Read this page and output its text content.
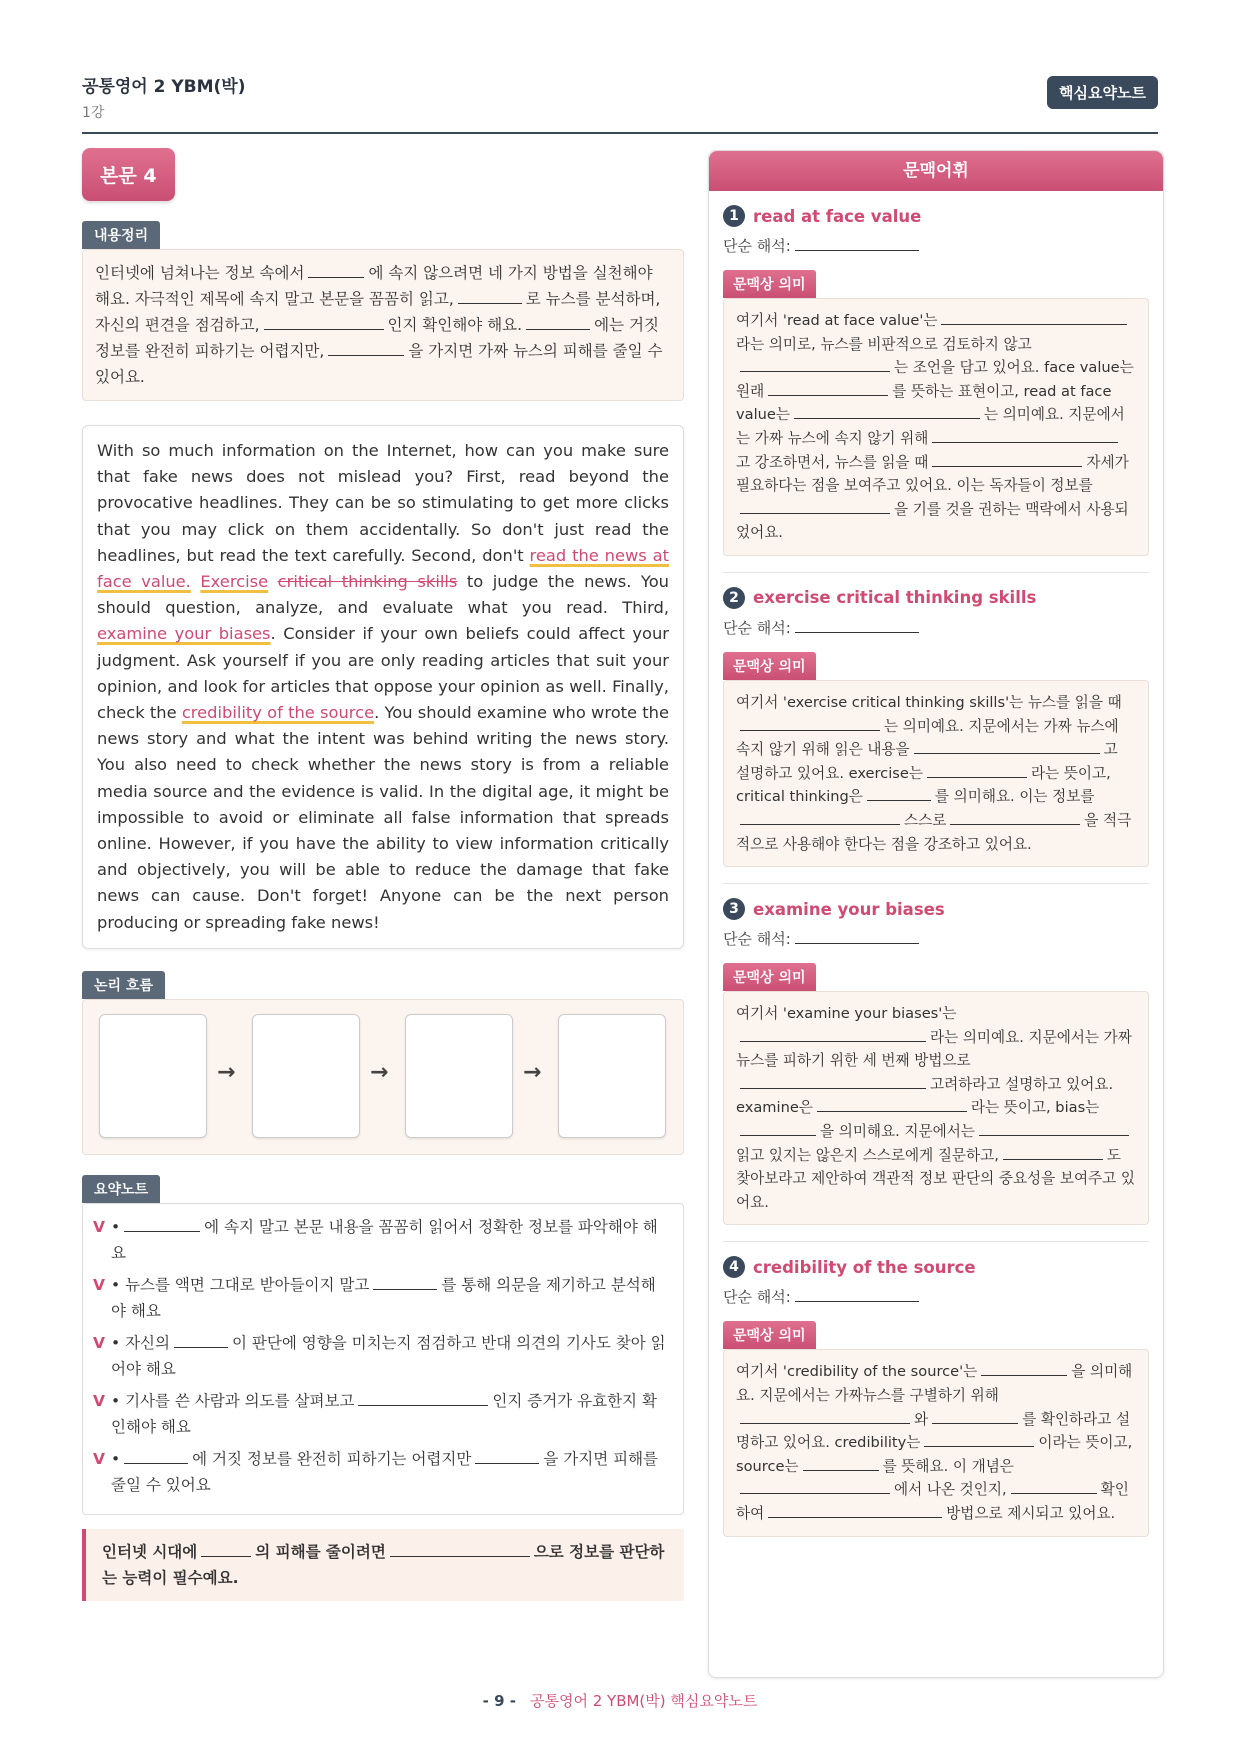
공통영어 2 YBM(박)
1강
핵심요약노트
본문 4
내용정리
인터넷에 넘쳐나는 정보 속에서	에 속지 않으려면 네 가지 방법을 실천해야 해요. 자극적인 제목에 속지 말고 본문을 꼼꼼히 읽고,	로 뉴스를 분석하며, 자신의 편견을 점검하고,	인지 확인해야 해요.	에는 거짓 정보를 완전히 피하기는 어렵지만,	을 가지면 가짜 뉴스의 피해를 줄일 수 있어요.
With so much information on the Internet, how can you make sure that fake news does not mislead you? First, read beyond the provocative headlines. They can be so stimulating to get more clicks that you may click on them accidentally. So don't just read the headlines, but read the text carefully. Second, don't read the news at face value. Exercise critical thinking skills to judge the news. You should question, analyze, and evaluate what you read. Third, examine your biases. Consider if your own beliefs could affect your judgment. Ask yourself if you are only reading articles that suit your opinion, and look for articles that oppose your opinion as well. Finally, check the credibility of the source. You should examine who wrote the news story and what the intent was behind writing the news story. You also need to check whether the news story is from a reliable media source and the evidence is valid. In the digital age, it might be impossible to avoid or eliminate all false information that spreads online. However, if you have the ability to view information critically and objectively, you will be able to reduce the damage that fake news can cause. Don't forget! Anyone can be the next person producing or spreading fake news!
논리 흐름
→	→	→
요약노트
V •	에 속지 말고 본문 내용을 꼼꼼히 읽어서 정확한 정보를 파악해야 해요
V • 뉴스를 액면 그대로 받아들이지 말고	를 통해 의문을 제기하고 분석해야 해요
V • 자신의	이 판단에 영향을 미치는지 점검하고 반대 의견의 기사도 찾아 읽어야 해요
V • 기사를 쓴 사람과 의도를 살펴보고	인지 증거가 유효한지 확인해야 해요
V •	에 거짓 정보를 완전히 피하기는 어렵지만	을 가지면 피해를 줄일 수 있어요
인터넷 시대에	의 피해를 줄이려면	으로 정보를 판단하는 능력이 필수예요.
문맥어휘
1 read at face value
단순 해석:
문맥상 의미
여기서 'read at face value'는라는 의미로, 뉴스를 비판적으로 검토하지 않고는 조언을 담고 있어요. face value는 원래	를 뜻하는 표현이고, read at face value는	는 의미예요. 지문에서는 가짜 뉴스에 속지 않기 위해고 강조하면서, 뉴스를 읽을 때	자세가 필요하다는 점을 보여주고 있어요. 이는 독자들이 정보를을 기를 것을 권하는 맥락에서 사용되었어요.
2 exercise critical thinking skills
단순 해석:
문맥상 의미
여기서 'exercise critical thinking skills'는 뉴스를 읽을 때는 의미예요. 지문에서는 가짜 뉴스에 속지 않기 위해 읽은 내용을	고 설명하고 있어요. exercise는	라는 뜻이고, critical thinking은	를 의미해요. 이는 정보를스스로	을 적극적으로 사용해야 한다는 점을 강조하고 있어요.
3 examine your biases
단순 해석:
문맥상 의미
여기서 'examine your biases'는라는 의미예요. 지문에서는 가짜 뉴스를 피하기 위한 세 번째 방법으로고려하라고 설명하고 있어요. examine은	라는 뜻이고, bias는을 의미해요. 지문에서는읽고 있지는 않은지 스스로에게 질문하고,	도 찾아보라고 제안하여 객관적 정보 판단의 중요성을 보여주고 있어요.
4 credibility of the source
단순 해석:
문맥상 의미
여기서 'credibility of the source'는	을 의미해요. 지문에서는 가짜뉴스를 구별하기 위해와	를 확인하라고 설명하고 있어요. credibility는	이라는 뜻이고, source는	를 뜻해요. 이 개념은에서 나온 것인지,	확인하여	방법으로 제시되고 있어요.
- 9 - 공통영어 2 YBM(박) 핵심요약노트
